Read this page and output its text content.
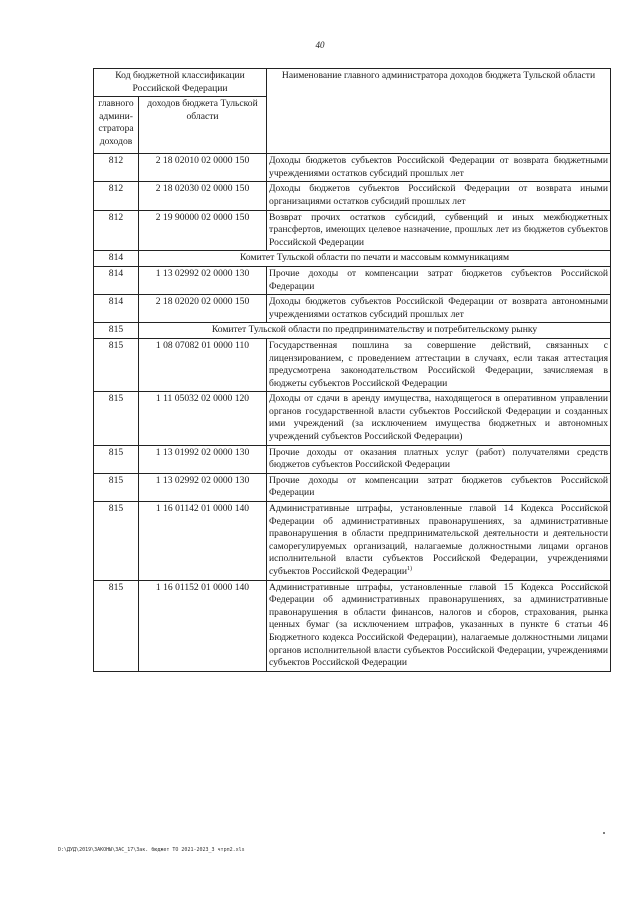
40
Код бюджетной классификации Российской Федерации		Наименование главного администратора доходов бюджета Тульской области
главного админи-стратора доходов	доходов бюджета Тульской области	
812	2 18 02010 02 0000 150	Доходы бюджетов субъектов Российской Федерации от возврата бюджетными учреждениями остатков субсидий прошлых лет
812	2 18 02030 02 0000 150	Доходы бюджетов субъектов Российской Федерации от возврата иными организациями остатков субсидий прошлых лет
812	2 19 90000 02 0000 150	Возврат прочих остатков субсидий, субвенций и иных межбюджетных трансфертов, имеющих целевое назначение, прошлых лет из бюджетов субъектов Российской Федерации
814	Комитет Тульской области по печати и массовым коммуникациям	
814	1 13 02992 02 0000 130	Прочие доходы от компенсации затрат бюджетов субъектов Российской Федерации
814	2 18 02020 02 0000 150	Доходы бюджетов субъектов Российской Федерации от возврата автономными учреждениями остатков субсидий прошлых лет
815	Комитет Тульской области по предпринимательству и потребительскому рынку	
815	1 08 07082 01 0000 110	Государственная пошлина за совершение действий, связанных с лицензированием, с проведением аттестации в случаях, если такая аттестация предусмотрена законодательством Российской Федерации, зачисляемая в бюджеты субъектов Российской Федерации
815	1 11 05032 02 0000 120	Доходы от сдачи в аренду имущества, находящегося в оперативном управлении органов государственной власти субъектов Российской Федерации и созданных ими учреждений (за исключением имущества бюджетных и автономных учреждений субъектов Российской Федерации)
815	1 13 01992 02 0000 130	Прочие доходы от оказания платных услуг (работ) получателями средств бюджетов субъектов Российской Федерации
815	1 13 02992 02 0000 130	Прочие доходы от компенсации затрат бюджетов субъектов Российской Федерации
815	1 16 01142 01 0000 140	Административные штрафы, установленные главой 14 Кодекса Российской Федерации об административных правонарушениях, за административные правонарушения в области предпринимательской деятельности и деятельности саморегулируемых организаций, налагаемые должностными лицами органов исполнительной власти субъектов Российской Федерации, учреждениями субъектов Российской Федерации$^{1)}$
815	1 16 01152 01 0000 140	Административные штрафы, установленные главой 15 Кодекса Российской Федерации об административных правонарушениях, за административные правонарушения в области финансов, налогов и сборов, страхования, рынка ценных бумаг (за исключением штрафов, указанных в пункте 6 статьи 46 Бюджетного кодекса Российской Федерации), налагаемые должностными лицами органов исполнительной власти субъектов Российской Федерации, учреждениями субъектов Российской Федерации
D:\ДУД\2019\ЗАКОНЫ\ЗАС_17\Зак. бюджет ТО 2021-2023_3 чтрп2.xls
